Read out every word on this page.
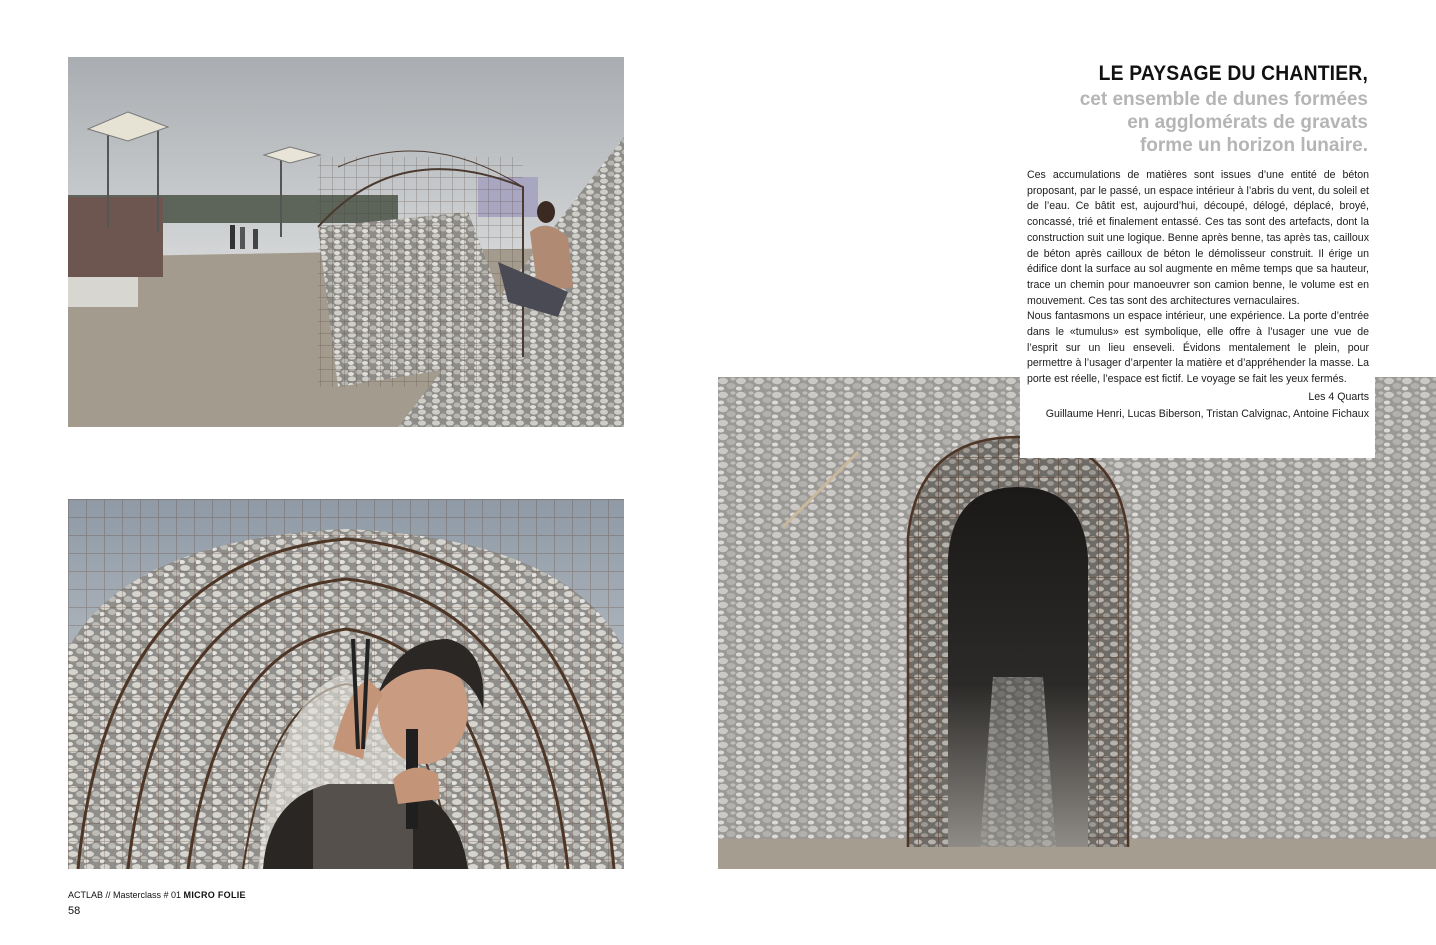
LE PAYSAGE DU CHANTIER,
cet ensemble de dunes formées
en agglomérats de gravats
forme un horizon lunaire.

Ces accumulations de matières sont issues d’une entité de béton proposant, par le passé, un espace intérieur à l’abris du vent, du soleil et de l’eau. Ce bâtit est, aujourd’hui, découpé, délogé, déplacé, broyé, concassé, trié et finalement entassé. Ces tas sont des artefacts, dont la construction suit une logique. Benne après benne, tas après tas, cailloux de béton après cailloux de béton le démolisseur construit. Il érige un édifice dont la surface au sol augmente en même temps que sa hauteur, trace un chemin pour manoeuvrer son camion benne, le volume est en mouvement. Ces tas sont des architectures vernaculaires.

Nous fantasmons un espace intérieur, une expérience. La porte d’entrée dans le «tumulus» est symbolique, elle offre à l’usager une vue de l’esprit sur un lieu enseveli. Évidons mentalement le plein, pour permettre à l’usager d’arpenter la matière et d’appréhender la masse. La porte est réelle, l’espace est fictif. Le voyage se fait les yeux fermés.

Les 4 Quarts
Guillaume Henri, Lucas Biberson, Tristan Calvignac, Antoine Fichaux
ACTLAB // Masterclass # 01 MICRO FOLIE
58
